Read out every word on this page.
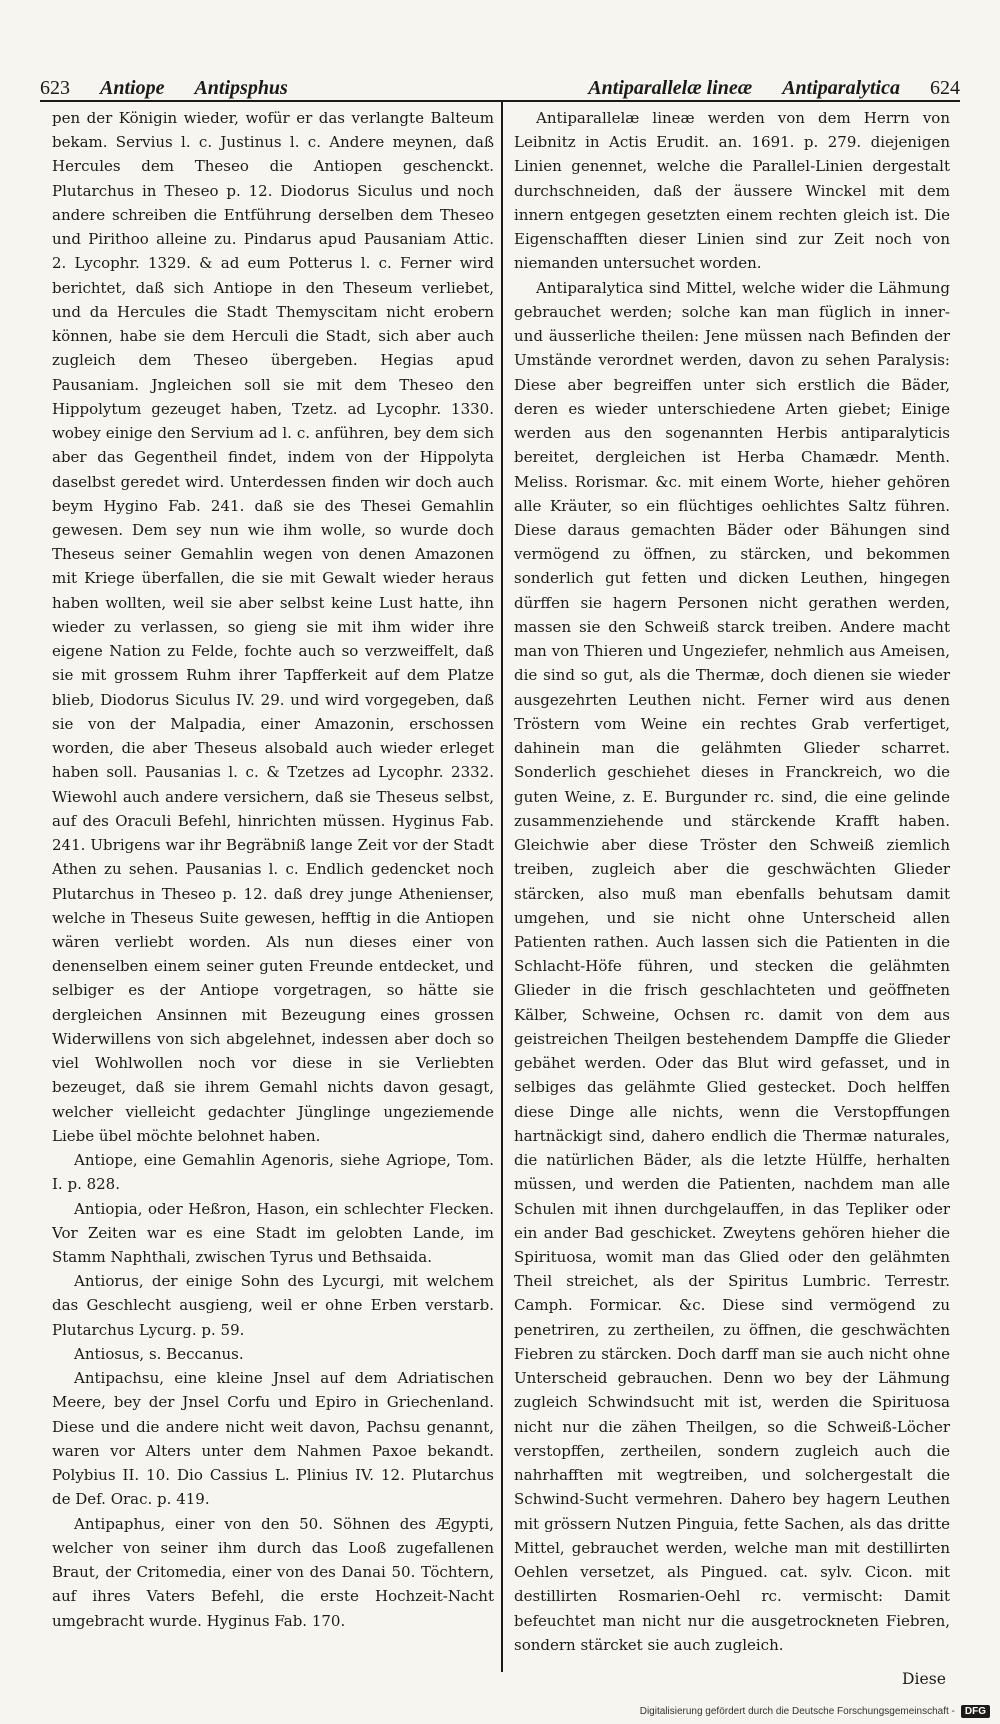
623 Antiope Antipsphus	Antiparallelæ lineæ Antiparalytica 624

pen der Königin wieder, wofür er das verlangte Balteum bekam. Servius l. c. Justinus l. c. Andere meynen, daß Hercules dem Theseo die Antiopen geschenckt. Plutarchus in Theseo p. 12. Diodorus Siculus und noch andere schreiben die Entführung derselben dem Theseo und Pirithoo alleine zu. Pindarus apud Pausaniam Attic. 2. Lycophr. 1329. & ad eum Potterus l. c. Ferner wird berichtet, daß sich Antiope in den Theseum verliebet, und da Hercules die Stadt Themyscitam nicht erobern können, habe sie dem Herculi die Stadt, sich aber auch zugleich dem Theseo übergeben. Hegias apud Pausaniam. Jngleichen soll sie mit dem Theseo den Hippolytum gezeuget haben, Tzetz. ad Lycophr. 1330. wobey einige den Servium ad l. c. anführen, bey dem sich aber das Gegentheil findet, indem von der Hippolyta daselbst geredet wird. Unterdessen finden wir doch auch beym Hygino Fab. 241. daß sie des Thesei Gemahlin gewesen. Dem sey nun wie ihm wolle, so wurde doch Theseus seiner Gemahlin wegen von denen Amazonen mit Kriege überfallen, die sie mit Gewalt wieder heraus haben wollten, weil sie aber selbst keine Lust hatte, ihn wieder zu verlassen, so gieng sie mit ihm wider ihre eigene Nation zu Felde, fochte auch so verzweiffelt, daß sie mit grossem Ruhm ihrer Tapfferkeit auf dem Platze blieb, Diodorus Siculus IV. 29. und wird vorgegeben, daß sie von der Malpadia, einer Amazonin, erschossen worden, die aber Theseus alsobald auch wieder erleget haben soll. Pausanias l. c. & Tzetzes ad Lycophr. 2332. Wiewohl auch andere versichern, daß sie Theseus selbst, auf des Oraculi Befehl, hinrichten müssen. Hyginus Fab. 241. Ubrigens war ihr Begräbniß lange Zeit vor der Stadt Athen zu sehen. Pausanias l. c. Endlich gedencket noch Plutarchus in Theseo p. 12. daß drey junge Athenienser, welche in Theseus Suite gewesen, hefftig in die Antiopen wären verliebt worden. Als nun dieses einer von denenselben einem seiner guten Freunde entdecket, und selbiger es der Antiope vorgetragen, so hätte sie dergleichen Ansinnen mit Bezeugung eines grossen Widerwillens von sich abgelehnet, indessen aber doch so viel Wohlwollen noch vor diese in sie Verliebten bezeuget, daß sie ihrem Gemahl nichts davon gesagt, welcher vielleicht gedachter Jünglinge ungeziemende Liebe übel möchte belohnet haben.

Antiope, eine Gemahlin Agenoris, siehe Agriope, Tom. I. p. 828.

Antiopia, oder Heßron, Hason, ein schlechter Flecken. Vor Zeiten war es eine Stadt im gelobten Lande, im Stamm Naphthali, zwischen Tyrus und Bethsaida.

Antiorus, der einige Sohn des Lycurgi, mit welchem das Geschlecht ausgieng, weil er ohne Erben verstarb. Plutarchus Lycurg. p. 59.

Antiosus, s. Beccanus.

Antipachsu, eine kleine Jnsel auf dem Adriatischen Meere, bey der Jnsel Corfu und Epiro in Griechenland. Diese und die andere nicht weit davon, Pachsu genannt, waren vor Alters unter dem Nahmen Paxoe bekandt. Polybius II. 10. Dio Cassius L. Plinius IV. 12. Plutarchus de Def. Orac. p. 419.

Antipaphus, einer von den 50. Söhnen des Ægypti, welcher von seiner ihm durch das Looß zugefallenen Braut, der Critomedia, einer von des Danai 50. Töchtern, auf ihres Vaters Befehl, die erste Hochzeit-Nacht umgebracht wurde. Hyginus Fab. 170.

Antiparallelæ lineæ werden von dem Herrn von Leibnitz in Actis Erudit. an. 1691. p. 279. diejenigen Linien genennet, welche die Parallel-Linien dergestalt durchschneiden, daß der äussere Winckel mit dem innern entgegen gesetzten einem rechten gleich ist. Die Eigenschafften dieser Linien sind zur Zeit noch von niemanden untersuchet worden.

Antiparalytica sind Mittel, welche wider die Lähmung gebrauchet werden; solche kan man füglich in inner- und äusserliche theilen: Jene müssen nach Befinden der Umstände verordnet werden, davon zu sehen Paralysis: Diese aber begreiffen unter sich erstlich die Bäder, deren es wieder unterschiedene Arten giebet; Einige werden aus den sogenannten Herbis antiparalyticis bereitet, dergleichen ist Herba Chamædr. Menth. Meliss. Rorismar. &c. mit einem Worte, hieher gehören alle Kräuter, so ein flüchtiges oehlichtes Saltz führen. Diese daraus gemachten Bäder oder Bähungen sind vermögend zu öffnen, zu stärcken, und bekommen sonderlich gut fetten und dicken Leuthen, hingegen dürffen sie hagern Personen nicht gerathen werden, massen sie den Schweiß starck treiben. Andere macht man von Thieren und Ungeziefer, nehmlich aus Ameisen, die sind so gut, als die Thermæ, doch dienen sie wieder ausgezehrten Leuthen nicht. Ferner wird aus denen Tröstern vom Weine ein rechtes Grab verfertiget, dahinein man die gelähmten Glieder scharret. Sonderlich geschiehet dieses in Franckreich, wo die guten Weine, z. E. Burgunder rc. sind, die eine gelinde zusammenziehende und stärckende Krafft haben. Gleichwie aber diese Tröster den Schweiß ziemlich treiben, zugleich aber die geschwächten Glieder stärcken, also muß man ebenfalls behutsam damit umgehen, und sie nicht ohne Unterscheid allen Patienten rathen. Auch lassen sich die Patienten in die Schlacht-Höfe führen, und stecken die gelähmten Glieder in die frisch geschlachteten und geöffneten Kälber, Schweine, Ochsen rc. damit von dem aus geistreichen Theilgen bestehendem Dampffe die Glieder gebähet werden. Oder das Blut wird gefasset, und in selbiges das gelähmte Glied gestecket. Doch helffen diese Dinge alle nichts, wenn die Verstopffungen hartnäckigt sind, dahero endlich die Thermæ naturales, die natürlichen Bäder, als die letzte Hülffe, herhalten müssen, und werden die Patienten, nachdem man alle Schulen mit ihnen durchgelauffen, in das Tepliker oder ein ander Bad geschicket. Zweytens gehören hieher die Spirituosa, womit man das Glied oder den gelähmten Theil streichet, als der Spiritus Lumbric. Terrestr. Camph. Formicar. &c. Diese sind vermögend zu penetriren, zu zertheilen, zu öffnen, die geschwächten Fiebren zu stärcken. Doch darff man sie auch nicht ohne Unterscheid gebrauchen. Denn wo bey der Lähmung zugleich Schwindsucht mit ist, werden die Spirituosa nicht nur die zähen Theilgen, so die Schweiß-Löcher verstopffen, zertheilen, sondern zugleich auch die nahrhafften mit wegtreiben, und solchergestalt die Schwind-Sucht vermehren. Dahero bey hagern Leuthen mit grössern Nutzen Pinguia, fette Sachen, als das dritte Mittel, gebrauchet werden, welche man mit destillirten Oehlen versetzet, als Pingued. cat. sylv. Cicon. mit destillirten Rosmarien-Oehl rc. vermischt: Damit befeuchtet man nicht nur die ausgetrockneten Fiebren, sondern stärcket sie auch zugleich.

Diese
Digitalisierung gefördert durch die Deutsche Forschungsgemeinschaft -	DFG
